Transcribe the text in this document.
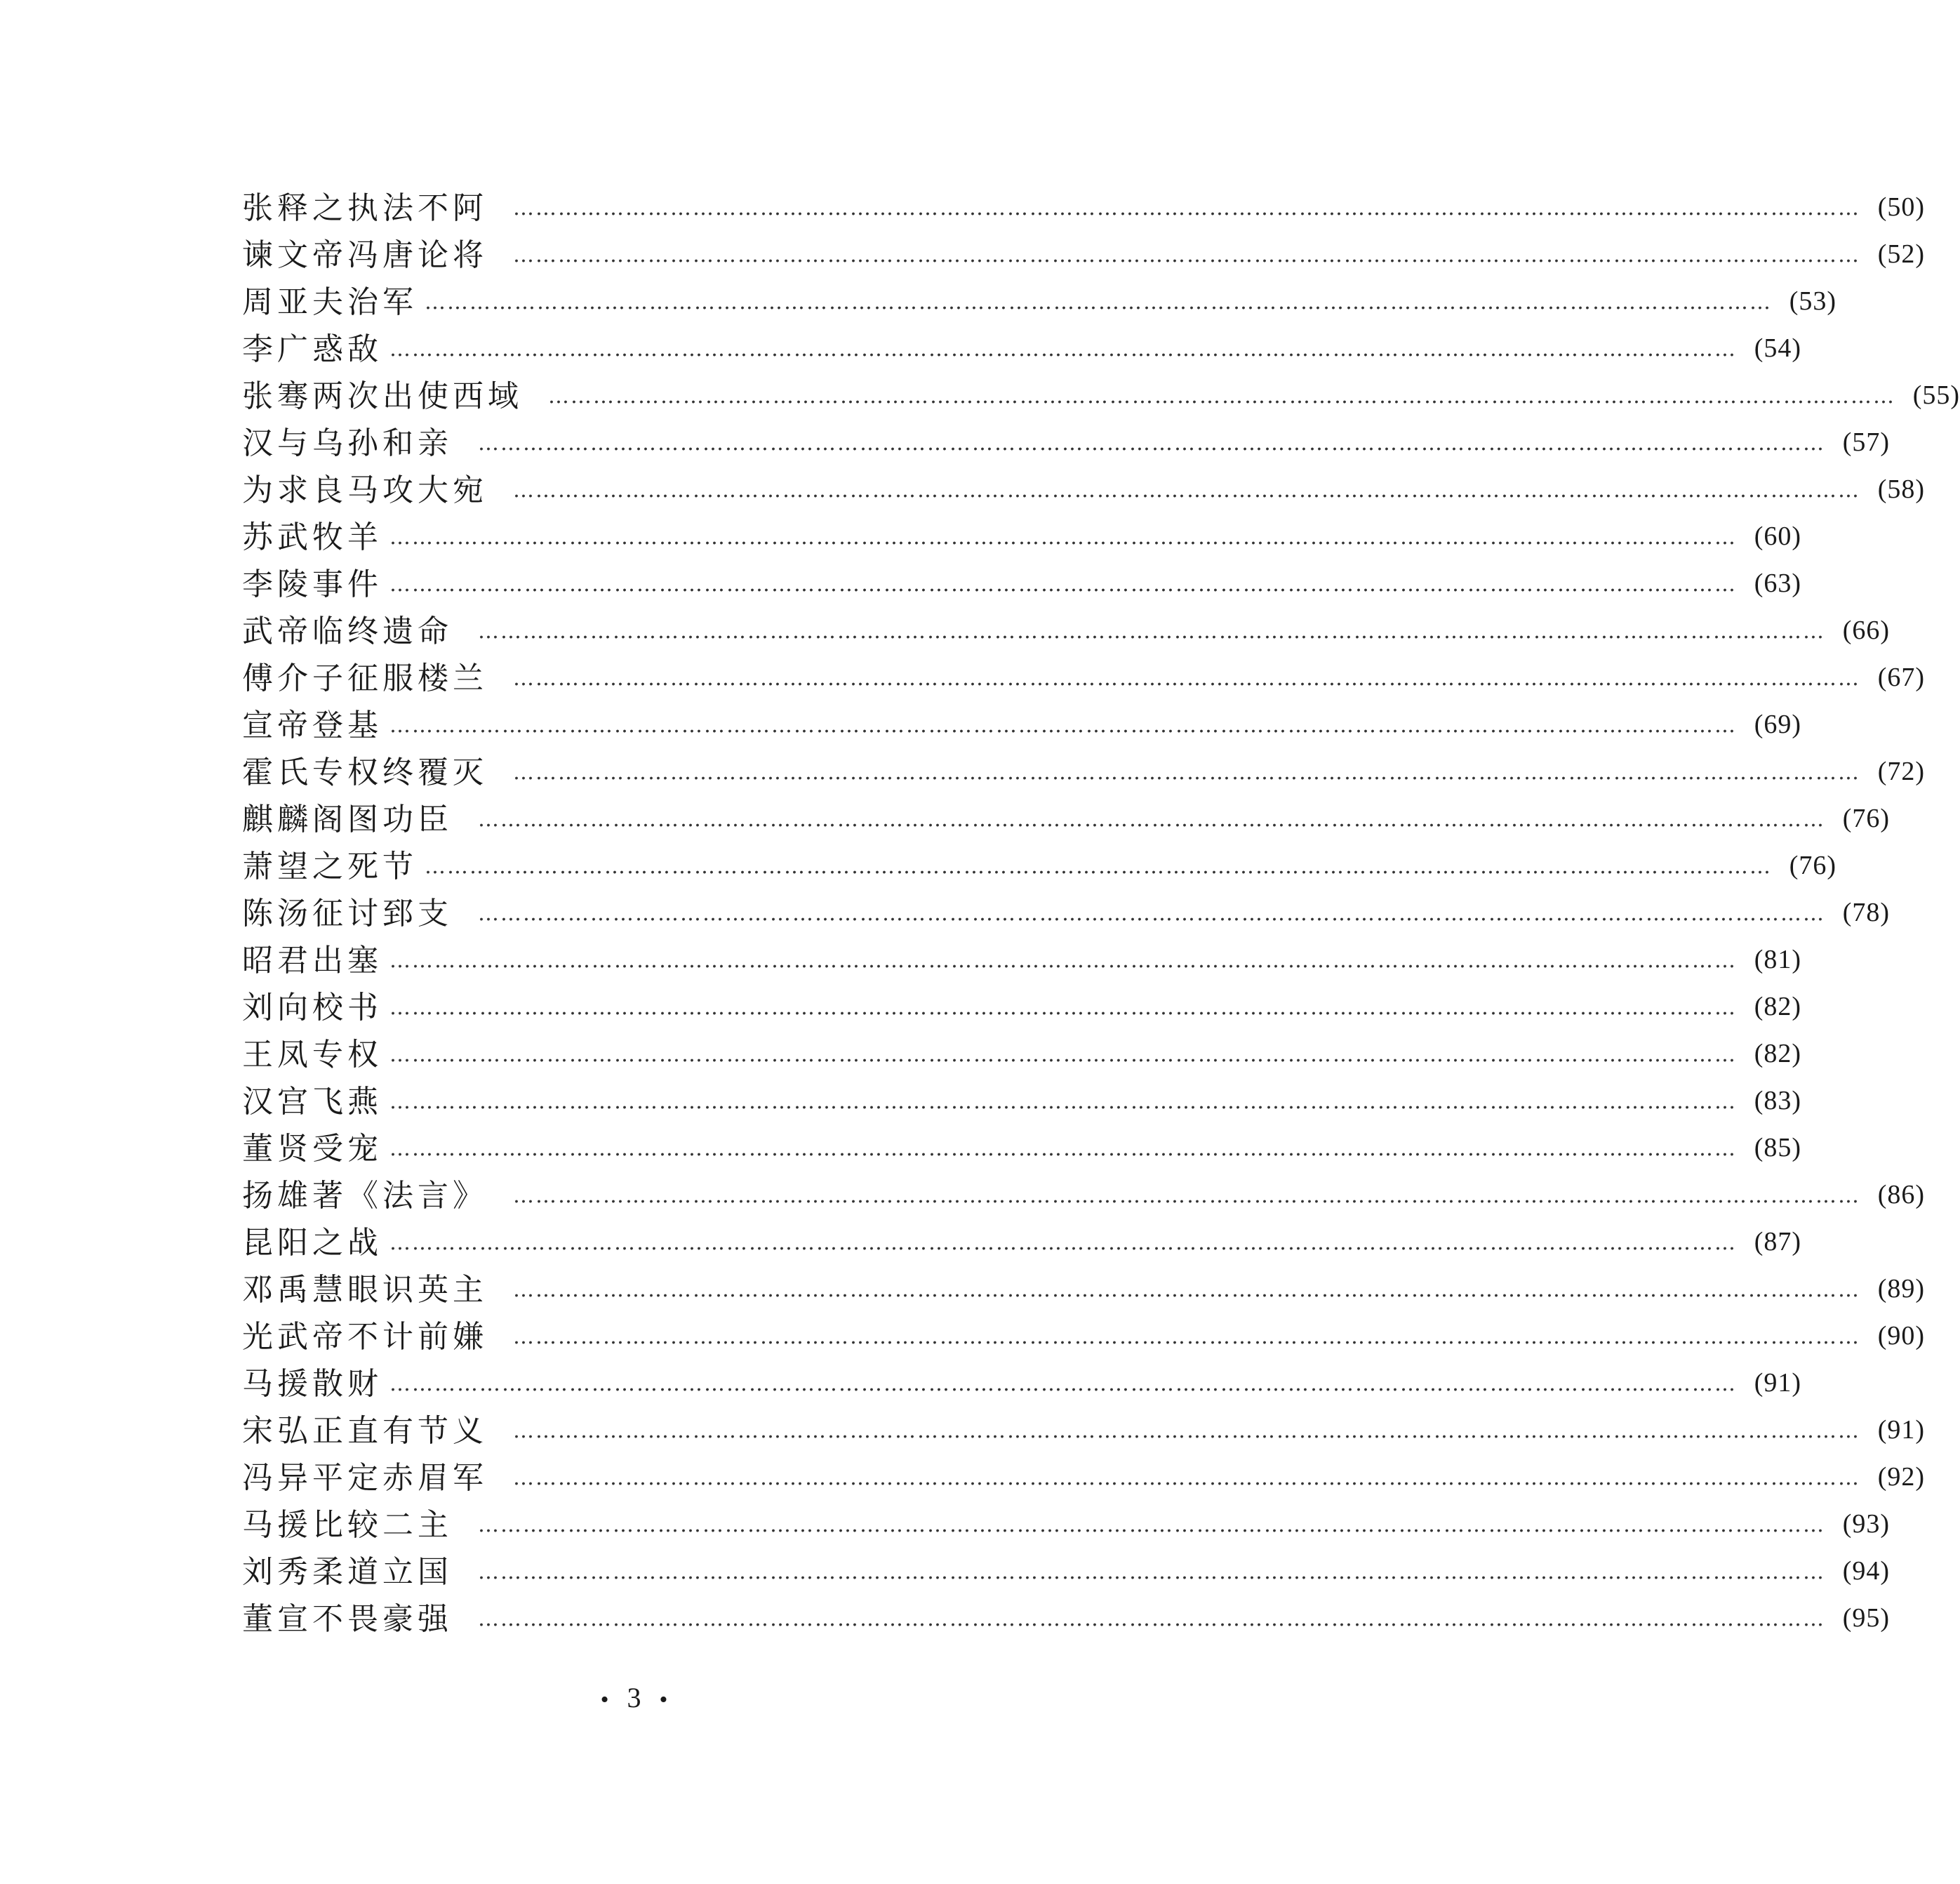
张释之执法不阿 ……………………………………………………………………………………………………………………………………………………………… (50)
谏文帝冯唐论将 ……………………………………………………………………………………………………………………………………………………………… (52)
周亚夫治军 ……………………………………………………………………………………………………………………………………………………………… (53)
李广惑敌 ……………………………………………………………………………………………………………………………………………………………… (54)
张骞两次出使西域 ……………………………………………………………………………………………………………………………………………………………… (55)
汉与乌孙和亲 ……………………………………………………………………………………………………………………………………………………………… (57)
为求良马攻大宛 ……………………………………………………………………………………………………………………………………………………………… (58)
苏武牧羊 ……………………………………………………………………………………………………………………………………………………………… (60)
李陵事件 ……………………………………………………………………………………………………………………………………………………………… (63)
武帝临终遗命 ……………………………………………………………………………………………………………………………………………………………… (66)
傅介子征服楼兰 ……………………………………………………………………………………………………………………………………………………………… (67)
宣帝登基 ……………………………………………………………………………………………………………………………………………………………… (69)
霍氏专权终覆灭 ……………………………………………………………………………………………………………………………………………………………… (72)
麒麟阁图功臣 ……………………………………………………………………………………………………………………………………………………………… (76)
萧望之死节 ……………………………………………………………………………………………………………………………………………………………… (76)
陈汤征讨郅支 ……………………………………………………………………………………………………………………………………………………………… (78)
昭君出塞 ……………………………………………………………………………………………………………………………………………………………… (81)
刘向校书 ……………………………………………………………………………………………………………………………………………………………… (82)
王凤专权 ……………………………………………………………………………………………………………………………………………………………… (82)
汉宫飞燕 ……………………………………………………………………………………………………………………………………………………………… (83)
董贤受宠 ……………………………………………………………………………………………………………………………………………………………… (85)
扬雄著《法言》 ……………………………………………………………………………………………………………………………………………………………… (86)
昆阳之战 ……………………………………………………………………………………………………………………………………………………………… (87)
邓禹慧眼识英主 ……………………………………………………………………………………………………………………………………………………………… (89)
光武帝不计前嫌 ……………………………………………………………………………………………………………………………………………………………… (90)
马援散财 ……………………………………………………………………………………………………………………………………………………………… (91)
宋弘正直有节义 ……………………………………………………………………………………………………………………………………………………………… (91)
冯异平定赤眉军 ……………………………………………………………………………………………………………………………………………………………… (92)
马援比较二主 ……………………………………………………………………………………………………………………………………………………………… (93)
刘秀柔道立国 ……………………………………………………………………………………………………………………………………………………………… (94)
董宣不畏豪强 ……………………………………………………………………………………………………………………………………………………………… (95)
• 3 •
